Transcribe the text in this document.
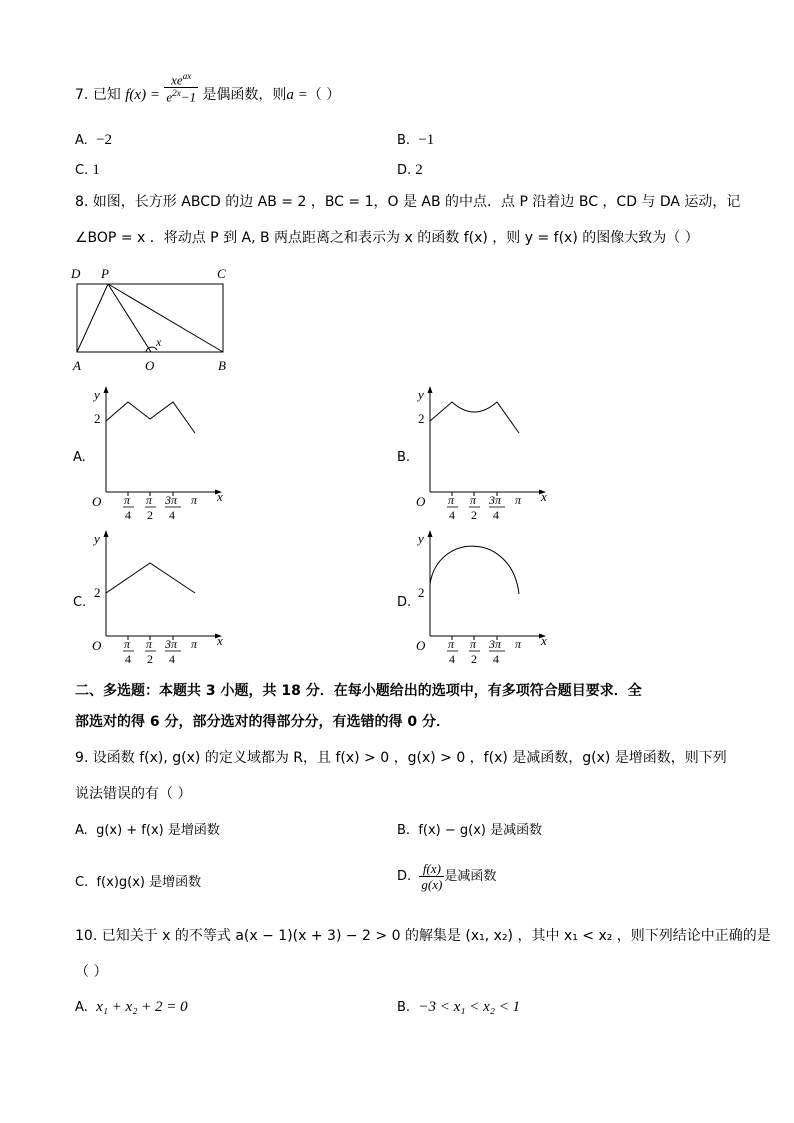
7. 已知 $f(x) = \frac{xe^{ax}}{e^{2x}-1}$ 是偶函数，则a =（ ）
A. −2	B. −1
C. 1	D. 2
8. 如图，长方形 ABCD 的边 AB = 2 ，BC = 1，O 是 AB 的中点．点 P 沿着边 BC ，CD 与 DA 运动，记
∠BOP = x ．将动点 P 到 A, B 两点距离之和表示为 x 的函数 f(x) ，则 y = f(x) 的图像大致为（ ）
D P	C
A	O	B
x
A.	B.
C.	D.
y
x
O
2
π
4
π
2
3π
4
π
y
x
O
2
π
4
π
2
3π
4
π
y
x
O
2
π
4
π
2
3π
4
π
y
x
O
2
π
4
π
2
3π
4
π
二、多选题：本题共 3 小题，共 18 分．在每小题给出的选项中，有多项符合题目要求．全
部选对的得 6 分，部分选对的得部分分，有选错的得 0 分．
9. 设函数 f(x), g(x) 的定义域都为 R，且 f(x) > 0 ，g(x) > 0 ，f(x) 是减函数，g(x) 是增函数，则下列
说法错误的有（ ）
A. g(x) + f(x) 是增函数	B. f(x) − g(x) 是减函数
C. f(x)g(x) 是增函数	D. $\frac{f(x)}{g(x)}$ 是减函数
10. 已知关于 x 的不等式 a(x − 1)(x + 3) − 2 > 0 的解集是 (x₁, x₂) ，其中 x₁ < x₂ ，则下列结论中正确的是
（ ）
A. x₁ + x₂ + 2 = 0	B. −3 < x₁ < x₂ < 1
